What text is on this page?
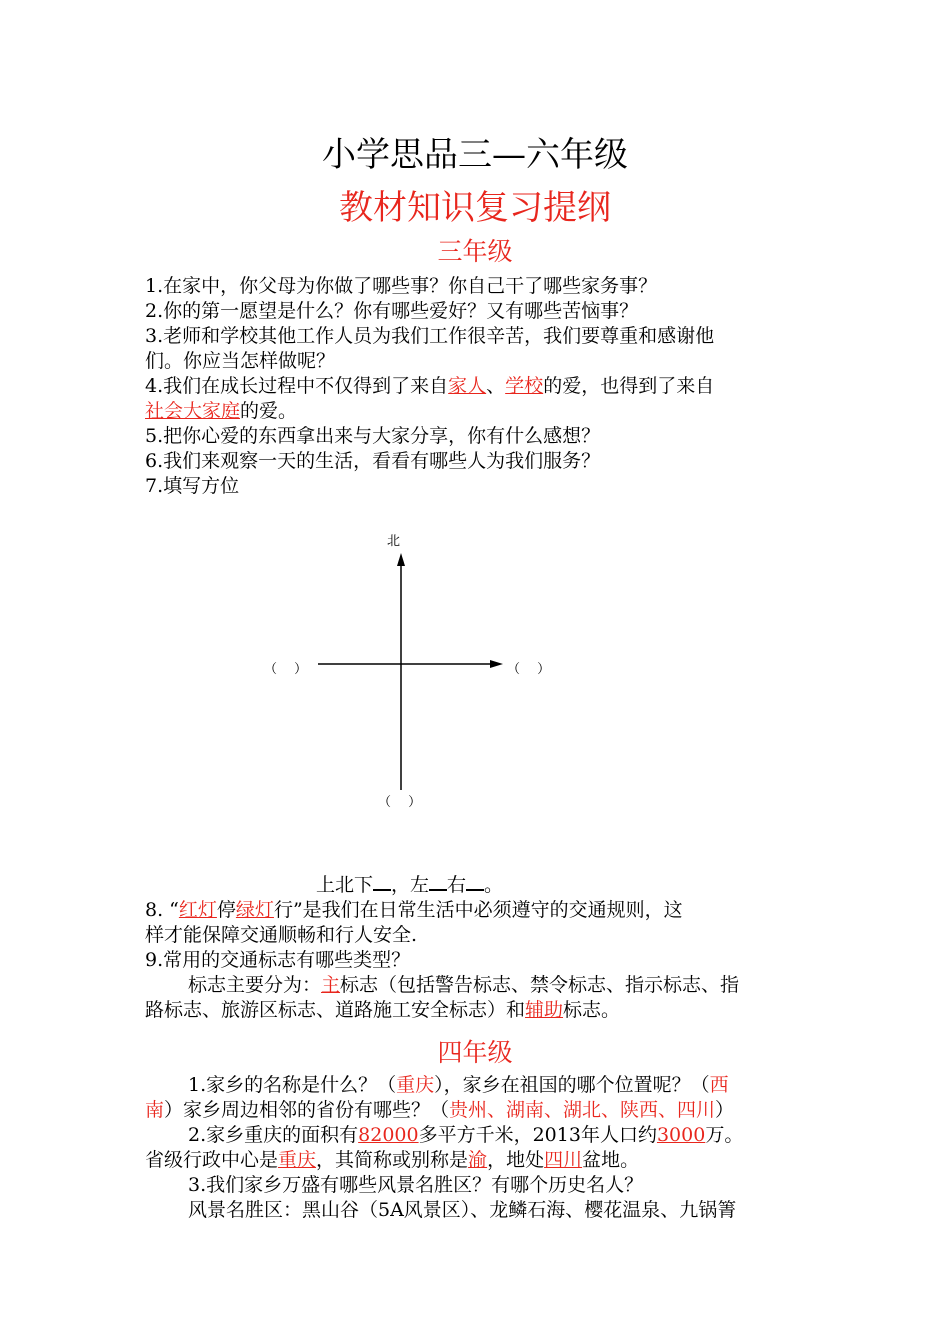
小学思品三—六年级
教材知识复习提纲
三年级
1.在家中，你父母为你做了哪些事？你自己干了哪些家务事？
2.你的第一愿望是什么？你有哪些爱好？又有哪些苦恼事？
3.老师和学校其他工作人员为我们工作很辛苦，我们要尊重和感谢他
们。你应当怎样做呢？
4.我们在成长过程中不仅得到了来自家人、学校的爱，也得到了来自
社会大家庭的爱。
5.把你心爱的东西拿出来与大家分享，你有什么感想？
6.我们来观察一天的生活，看看有哪些人为我们服务？
7.填写方位
北
（　 ）	（　 ）
（　 ）
上北下 ，左 右 。
8. “红灯停绿灯行”是我们在日常生活中必须遵守的交通规则，这
样才能保障交通顺畅和行人安全.
9.常用的交通标志有哪些类型？
标志主要分为：主标志（包括警告标志、禁令标志、指示标志、指
路标志、旅游区标志、道路施工安全标志）和辅助标志。
四年级
1.家乡的名称是什么？（重庆），家乡在祖国的哪个位置呢？（西
南）家乡周边相邻的省份有哪些？（贵州、湖南、湖北、陕西、四川）
2.家乡重庆的面积有82000多平方千米，2013年人口约3000万。
省级行政中心是重庆，其简称或别称是渝，地处四川盆地。
3.我们家乡万盛有哪些风景名胜区？有哪个历史名人？
风景名胜区：黑山谷（5A风景区）、龙鳞石海、樱花温泉、九锅箐
